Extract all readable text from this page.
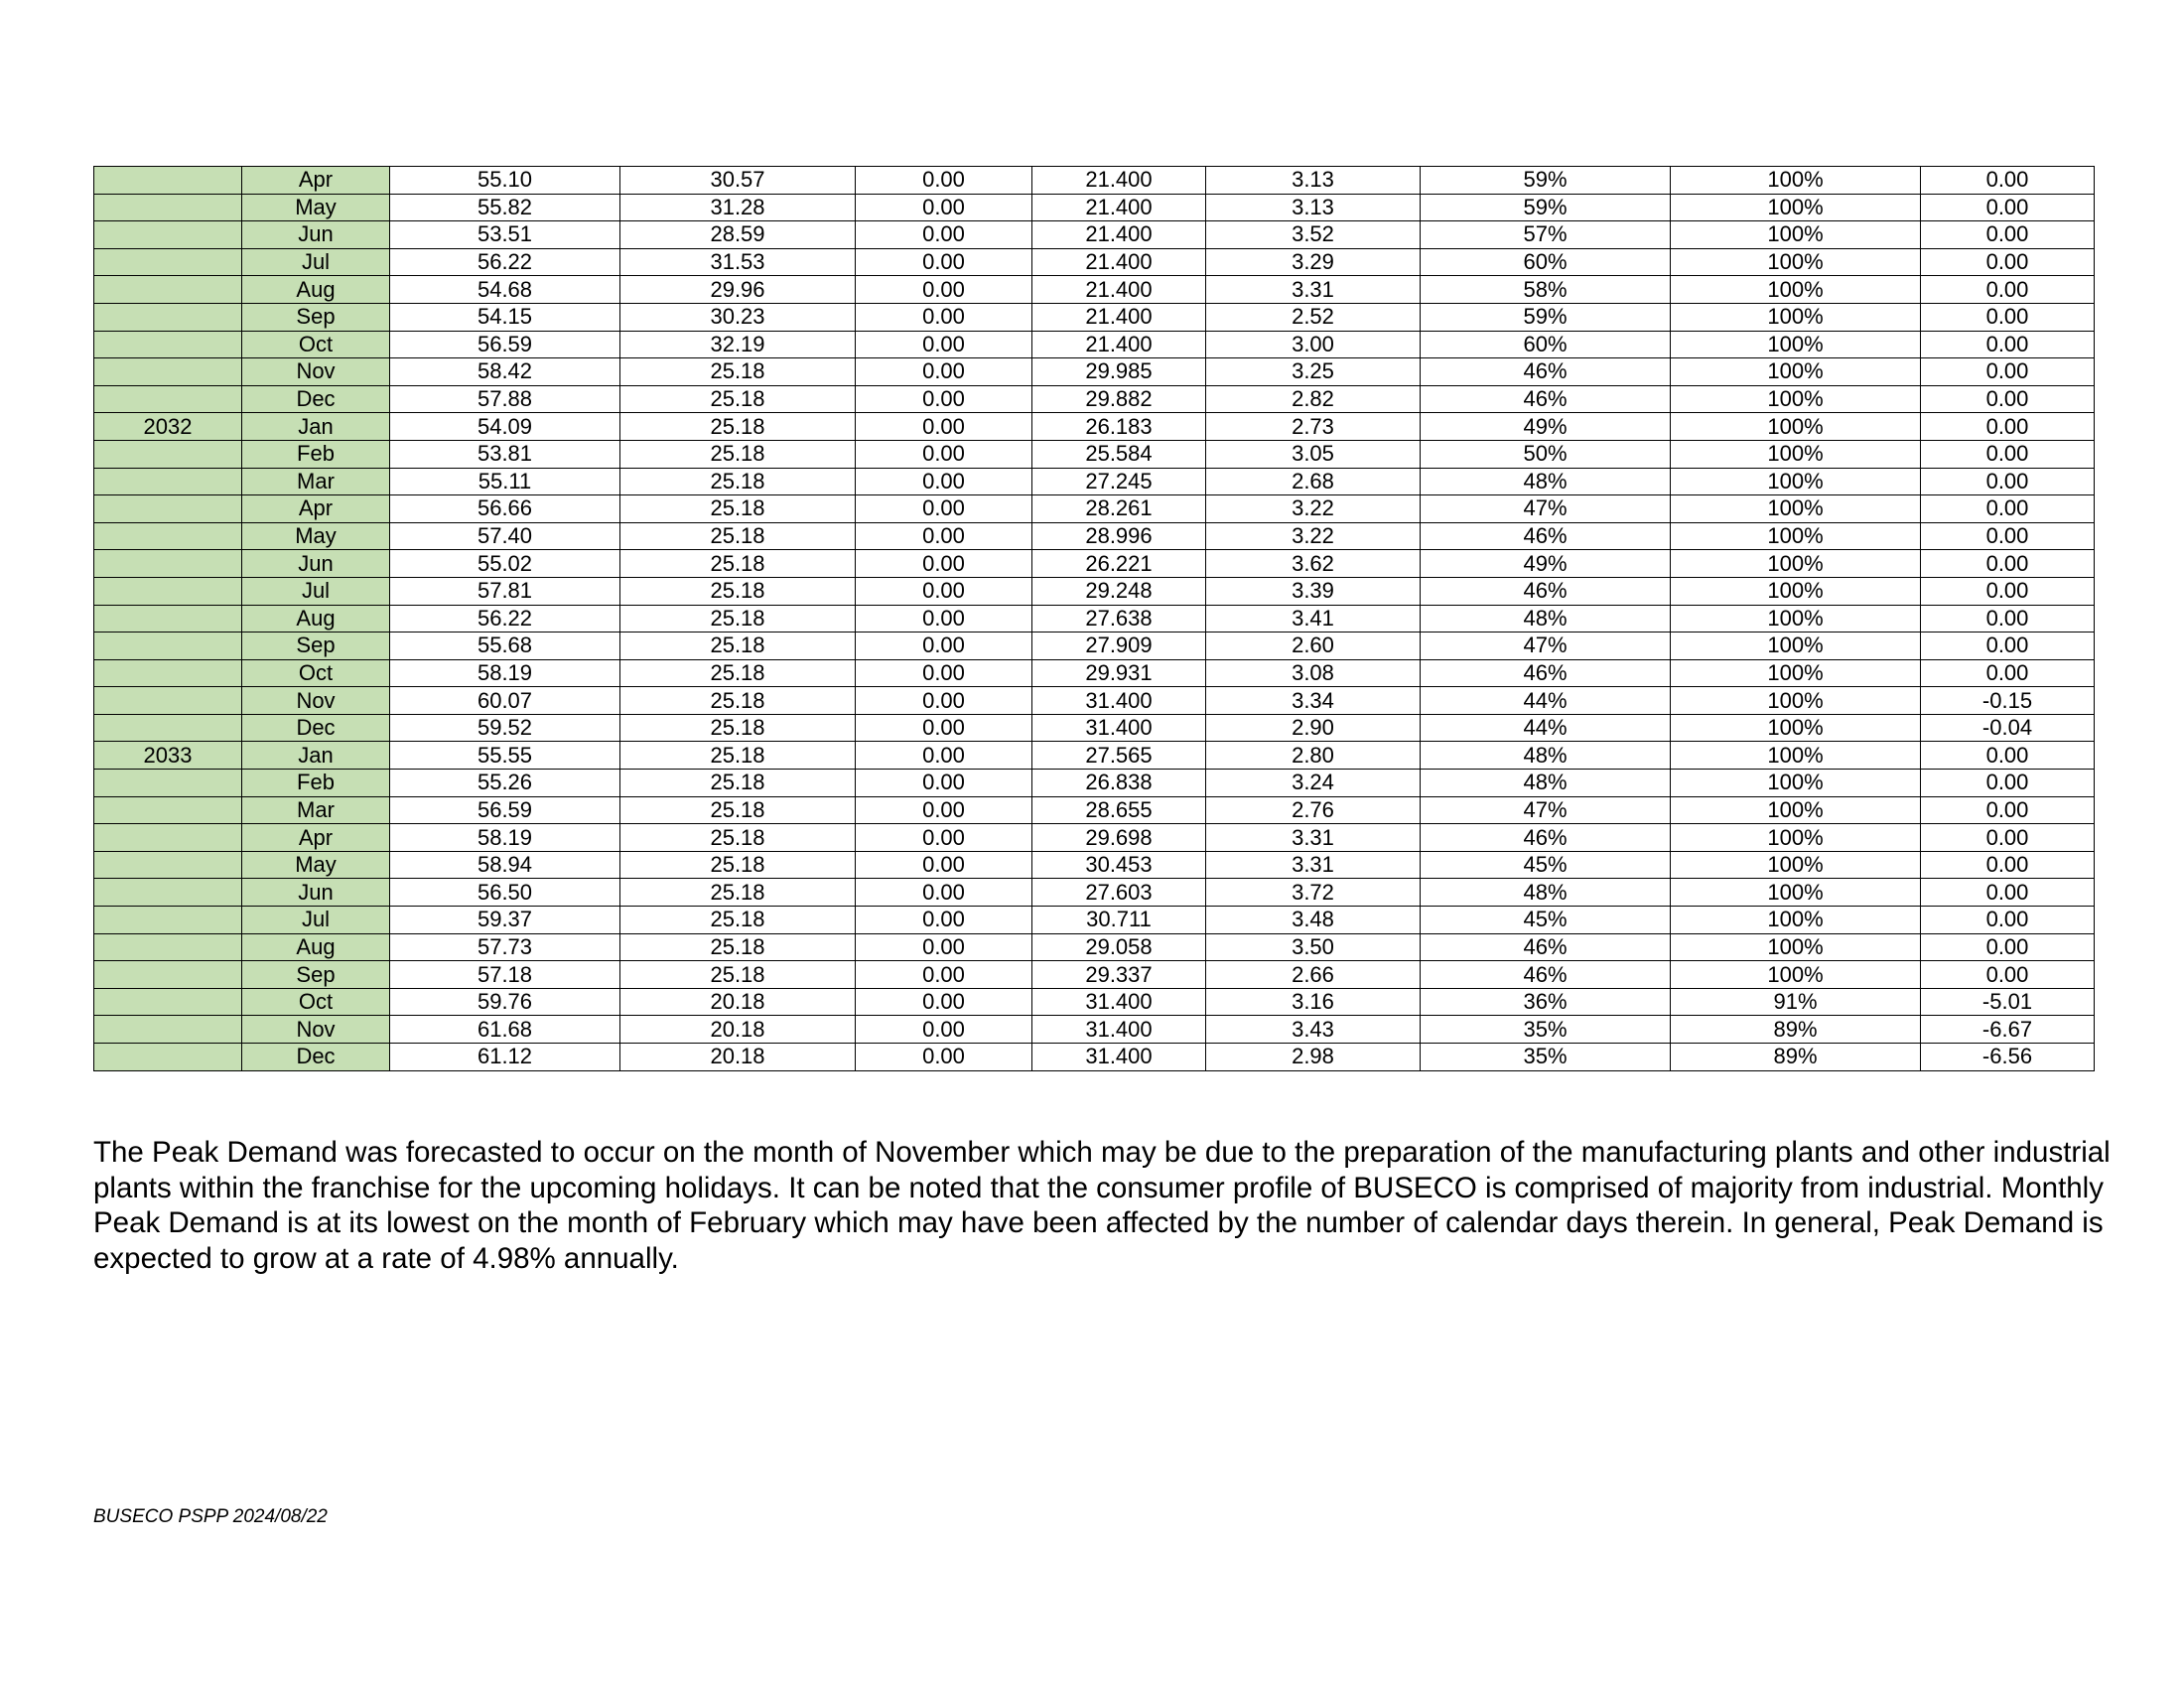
	Apr	55.10	30.57	0.00	21.400	3.13	59%	100%	0.00
	May	55.82	31.28	0.00	21.400	3.13	59%	100%	0.00
	Jun	53.51	28.59	0.00	21.400	3.52	57%	100%	0.00
	Jul	56.22	31.53	0.00	21.400	3.29	60%	100%	0.00
	Aug	54.68	29.96	0.00	21.400	3.31	58%	100%	0.00
	Sep	54.15	30.23	0.00	21.400	2.52	59%	100%	0.00
	Oct	56.59	32.19	0.00	21.400	3.00	60%	100%	0.00
	Nov	58.42	25.18	0.00	29.985	3.25	46%	100%	0.00
	Dec	57.88	25.18	0.00	29.882	2.82	46%	100%	0.00
2032	Jan	54.09	25.18	0.00	26.183	2.73	49%	100%	0.00
	Feb	53.81	25.18	0.00	25.584	3.05	50%	100%	0.00
	Mar	55.11	25.18	0.00	27.245	2.68	48%	100%	0.00
	Apr	56.66	25.18	0.00	28.261	3.22	47%	100%	0.00
	May	57.40	25.18	0.00	28.996	3.22	46%	100%	0.00
	Jun	55.02	25.18	0.00	26.221	3.62	49%	100%	0.00
	Jul	57.81	25.18	0.00	29.248	3.39	46%	100%	0.00
	Aug	56.22	25.18	0.00	27.638	3.41	48%	100%	0.00
	Sep	55.68	25.18	0.00	27.909	2.60	47%	100%	0.00
	Oct	58.19	25.18	0.00	29.931	3.08	46%	100%	0.00
	Nov	60.07	25.18	0.00	31.400	3.34	44%	100%	-0.15
	Dec	59.52	25.18	0.00	31.400	2.90	44%	100%	-0.04
2033	Jan	55.55	25.18	0.00	27.565	2.80	48%	100%	0.00
	Feb	55.26	25.18	0.00	26.838	3.24	48%	100%	0.00
	Mar	56.59	25.18	0.00	28.655	2.76	47%	100%	0.00
	Apr	58.19	25.18	0.00	29.698	3.31	46%	100%	0.00
	May	58.94	25.18	0.00	30.453	3.31	45%	100%	0.00
	Jun	56.50	25.18	0.00	27.603	3.72	48%	100%	0.00
	Jul	59.37	25.18	0.00	30.711	3.48	45%	100%	0.00
	Aug	57.73	25.18	0.00	29.058	3.50	46%	100%	0.00
	Sep	57.18	25.18	0.00	29.337	2.66	46%	100%	0.00
	Oct	59.76	20.18	0.00	31.400	3.16	36%	91%	-5.01
	Nov	61.68	20.18	0.00	31.400	3.43	35%	89%	-6.67
	Dec	61.12	20.18	0.00	31.400	2.98	35%	89%	-6.56

The Peak Demand was forecasted to occur on the month of November which may be due to the preparation of the manufacturing plants and other industrial plants within the franchise for the upcoming holidays. It can be noted that the consumer profile of BUSECO is comprised of majority from industrial. Monthly Peak Demand is at its lowest on the month of February which may have been affected by the number of calendar days therein. In general, Peak Demand is expected to grow at a rate of 4.98% annually.

BUSECO PSPP 2024/08/22
